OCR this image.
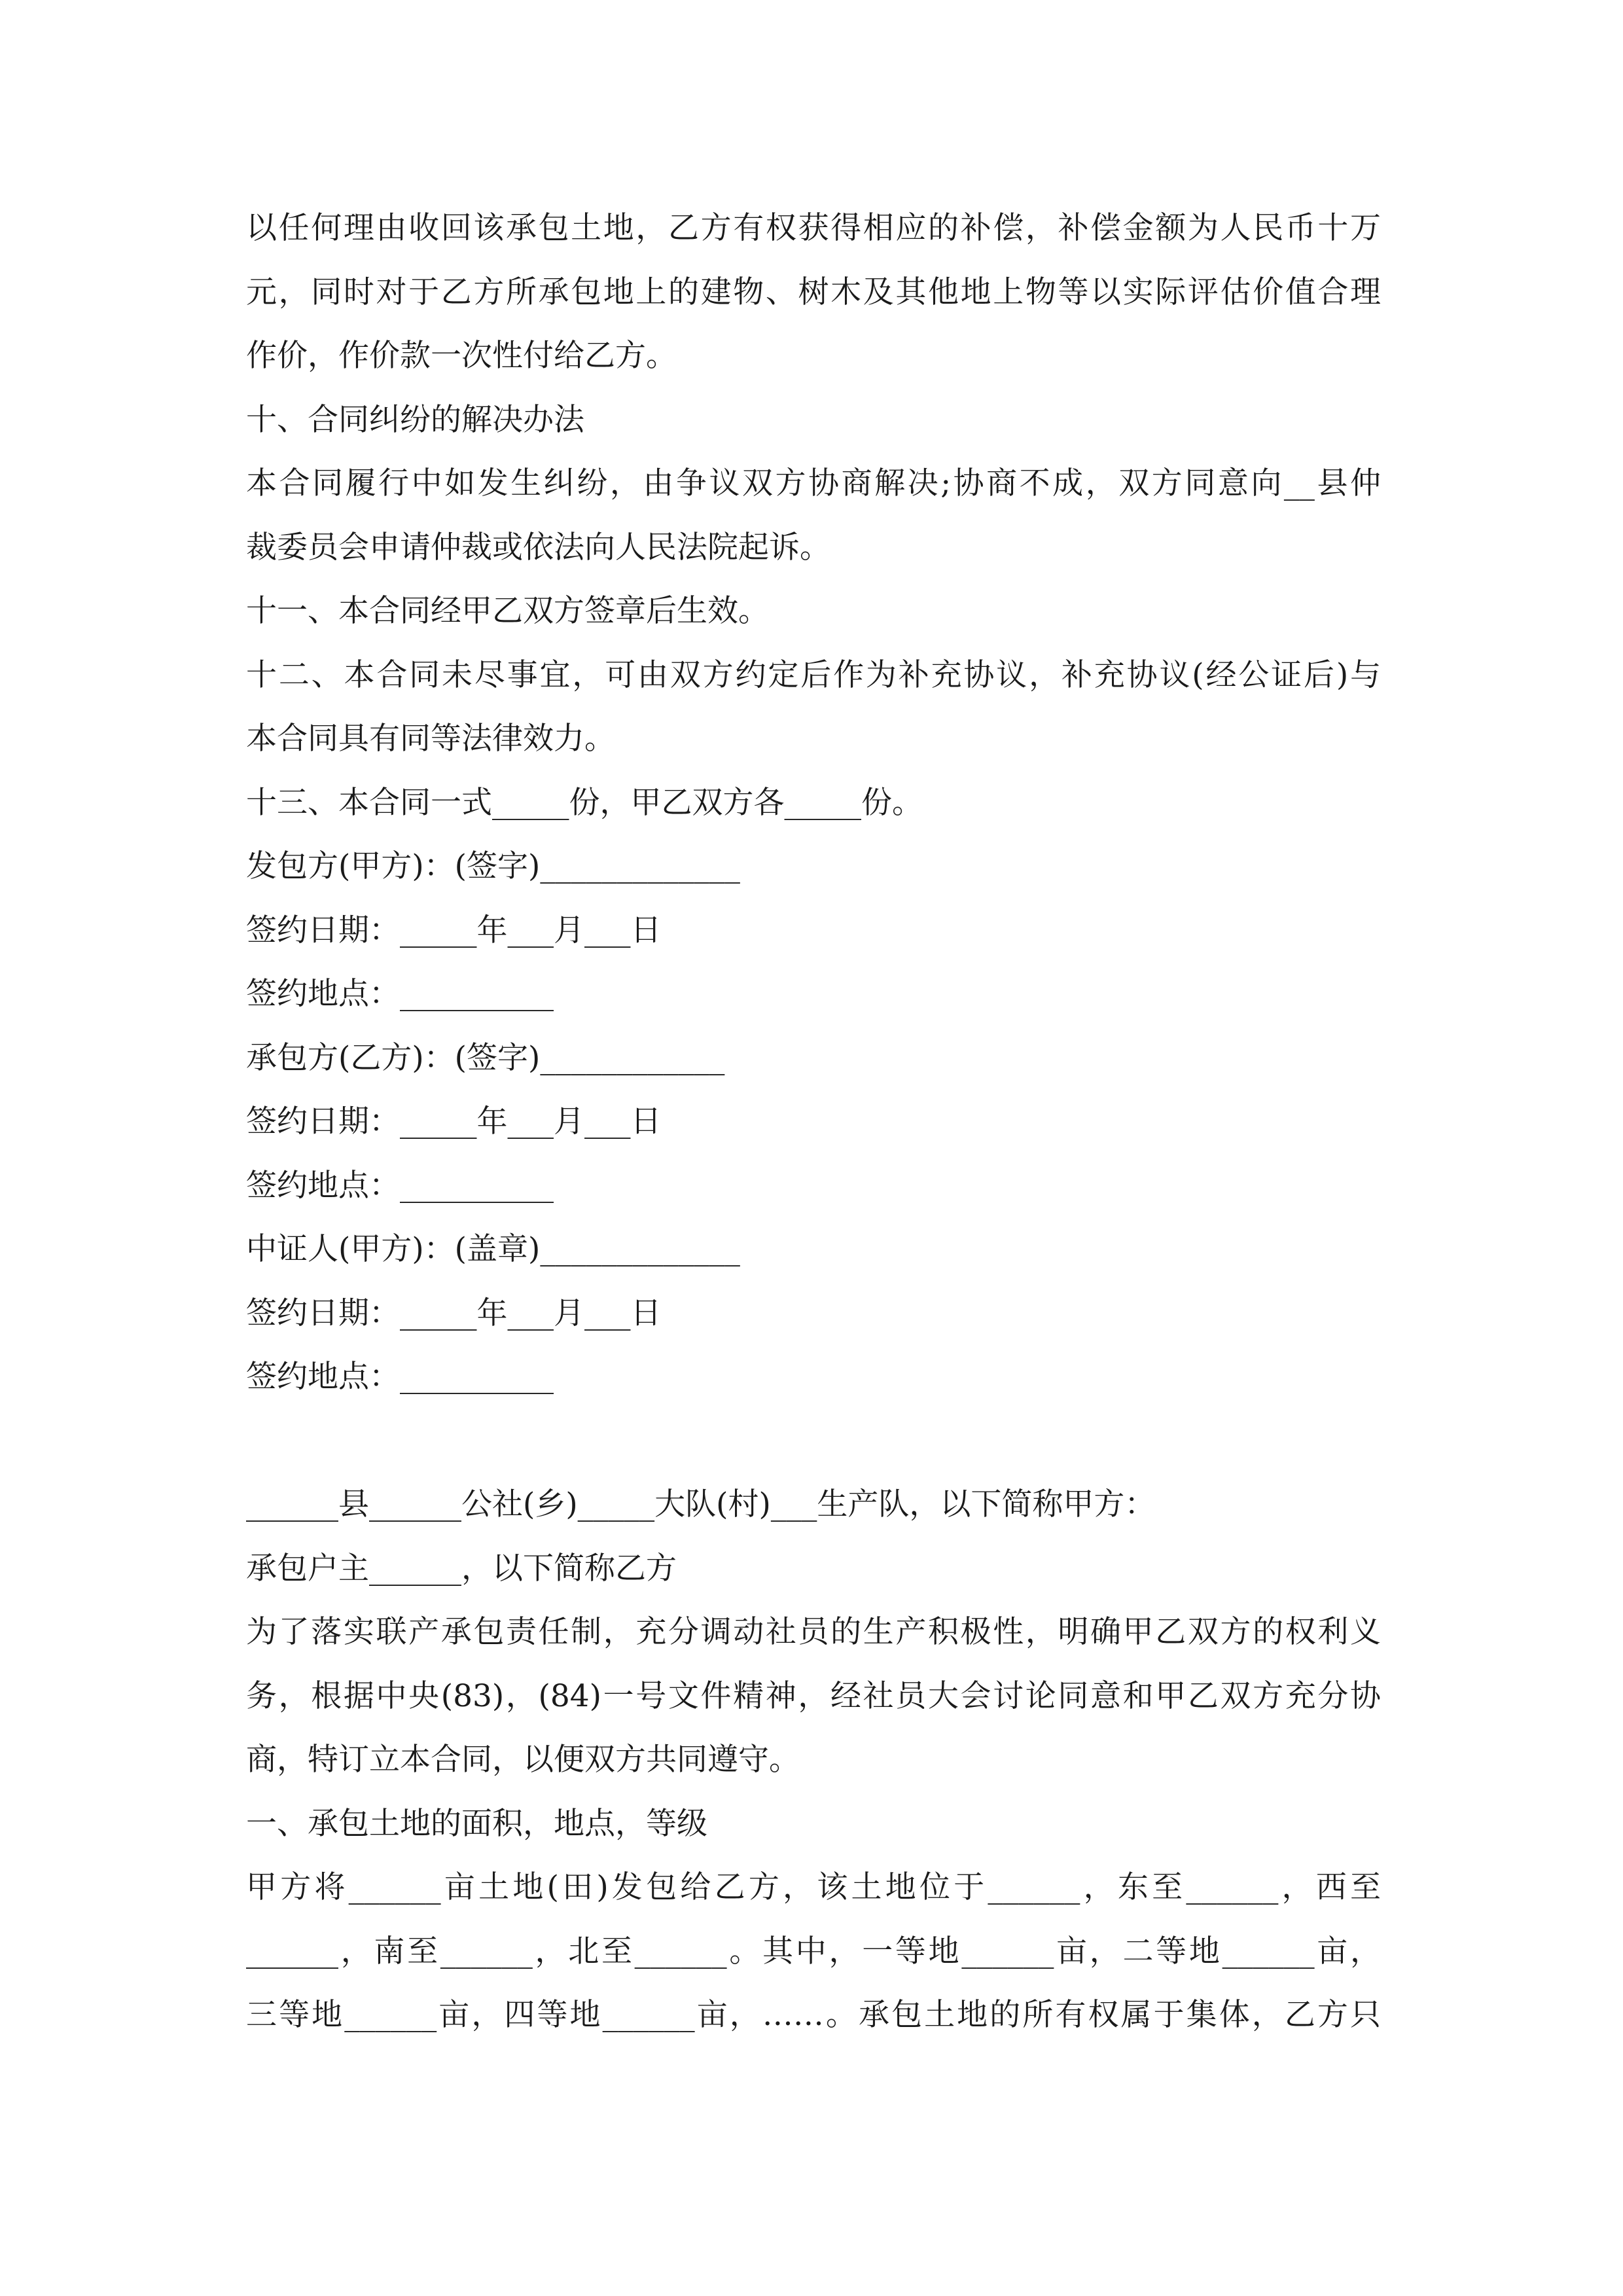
以任何理由收回该承包土地，乙方有权获得相应的补偿，补偿金额为人民币十万
元，同时对于乙方所承包地上的建物、树木及其他地上物等以实际评估价值合理
作价，作价款一次性付给乙方。
十、合同纠纷的解决办法
本合同履行中如发生纠纷，由争议双方协商解决;协商不成，双方同意向__县仲
裁委员会申请仲裁或依法向人民法院起诉。
十一、本合同经甲乙双方签章后生效。
十二、本合同未尽事宜，可由双方约定后作为补充协议，补充协议(经公证后)与
本合同具有同等法律效力。
十三、本合同一式_____份，甲乙双方各_____份。
发包方(甲方)：(签字)_____________
签约日期：_____年___月___日
签约地点：__________
承包方(乙方)：(签字)____________
签约日期：_____年___月___日
签约地点：__________
中证人(甲方)：(盖章)_____________
签约日期：_____年___月___日
签约地点：__________
______县______公社(乡)_____大队(村)___生产队，以下简称甲方：
承包户主______，以下简称乙方
为了落实联产承包责任制，充分调动社员的生产积极性，明确甲乙双方的权利义
务，根据中央(83)，(84)一号文件精神，经社员大会讨论同意和甲乙双方充分协
商，特订立本合同，以便双方共同遵守。
一、承包土地的面积，地点，等级
甲方将______亩土地(田)发包给乙方，该土地位于______，东至______，西至
______，南至______，北至______。其中，一等地______亩，二等地______亩，
三等地______亩，四等地______亩，……。承包土地的所有权属于集体，乙方只
